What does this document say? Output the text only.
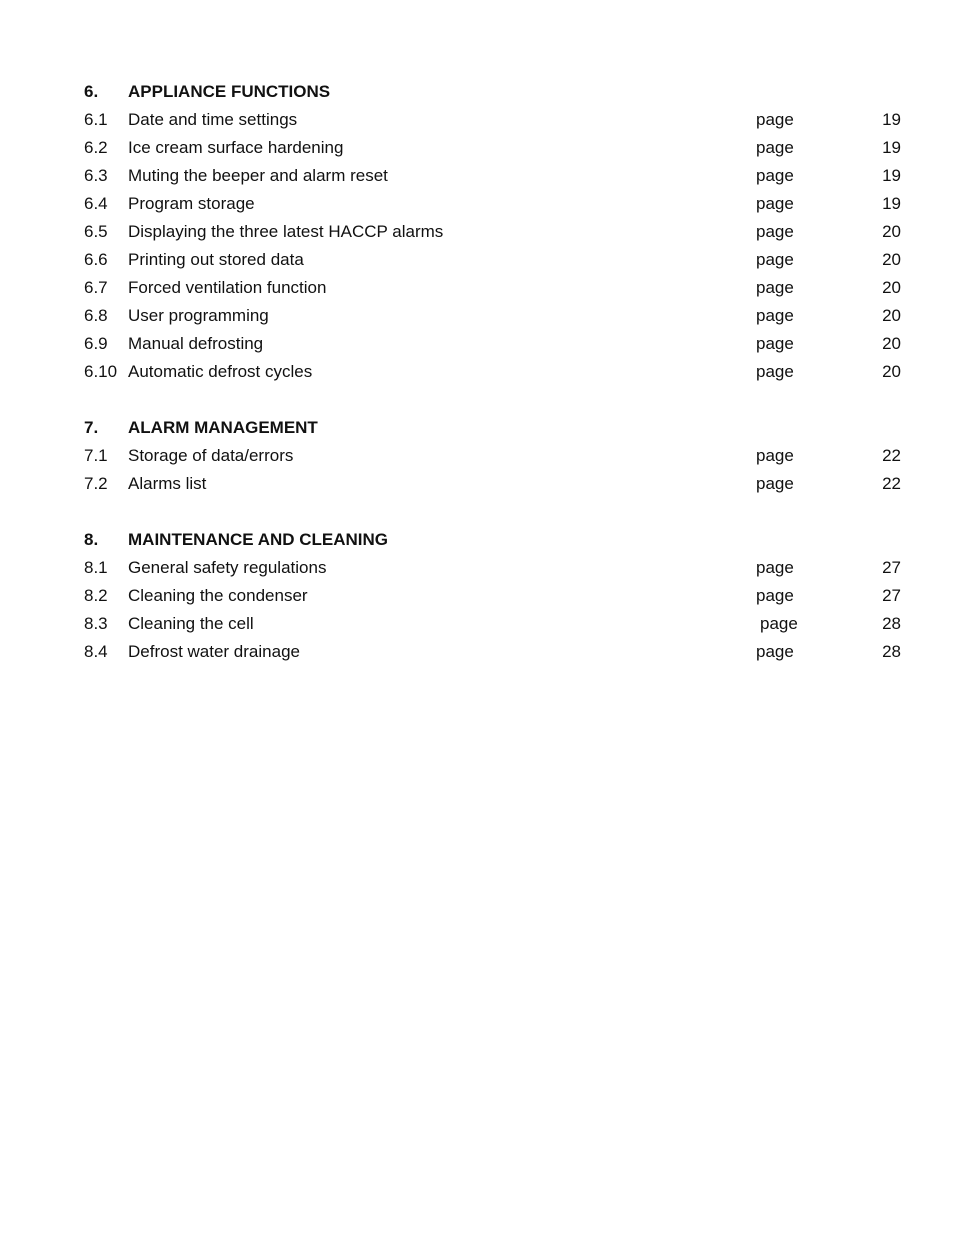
6. APPLIANCE FUNCTIONS
6.1 Date and time settings	page	19
6.2 Ice cream surface hardening	page	19
6.3 Muting the beeper and alarm reset	page	19
6.4 Program storage	page	19
6.5 Displaying the three latest HACCP alarms	page	20
6.6 Printing out stored data	page	20
6.7 Forced ventilation function	page	20
6.8 User programming	page	20
6.9 Manual defrosting	page	20
6.10 Automatic defrost cycles	page	20
7. ALARM MANAGEMENT
7.1 Storage of data/errors	page	22
7.2 Alarms list	page	22
8. MAINTENANCE AND CLEANING
8.1 General safety regulations	page	27
8.2 Cleaning the condenser	page	27
8.3 Cleaning the cell	page	28
8.4 Defrost water drainage	page	28
